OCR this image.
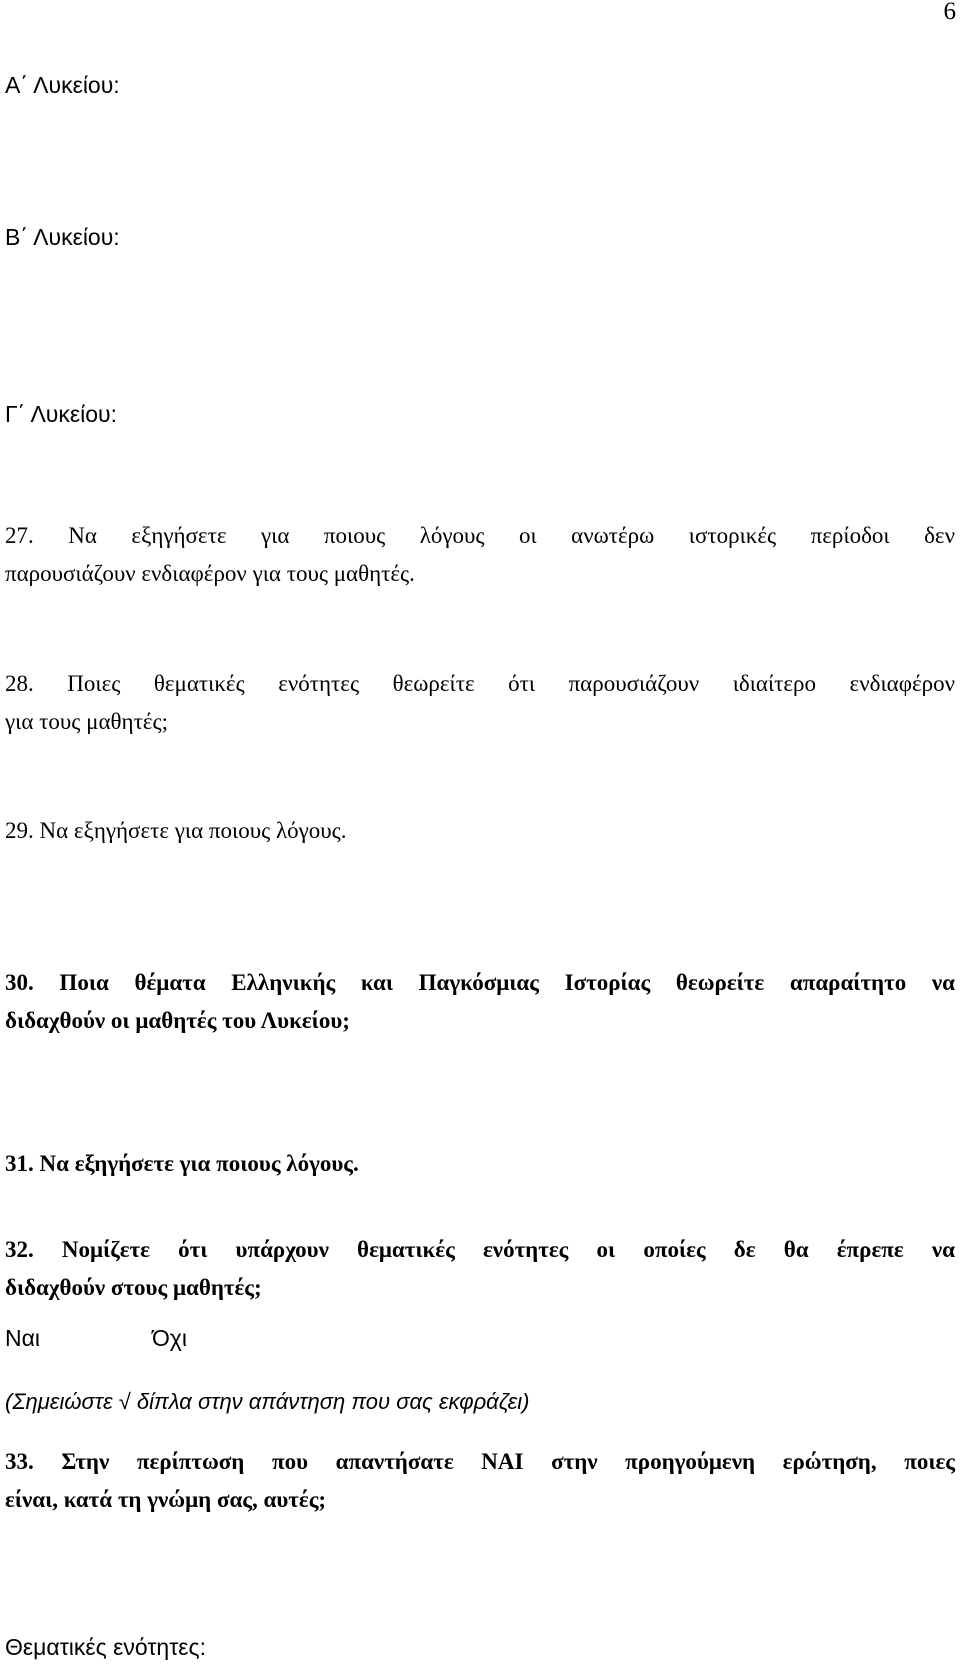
6
Α΄ Λυκείου:
Β΄ Λυκείου:
Γ΄ Λυκείου:
27. Να εξηγήσετε για ποιους λόγους οι ανωτέρω ιστορικές περίοδοι δεν
παρουσιάζουν ενδιαφέρον για τους μαθητές.
28. Ποιες θεματικές ενότητες θεωρείτε ότι παρουσιάζουν ιδιαίτερο ενδιαφέρον
για τους μαθητές;
29. Να εξηγήσετε για ποιους λόγους.
30. Ποια θέματα Ελληνικής και Παγκόσμιας Ιστορίας θεωρείτε απαραίτητο να
διδαχθούν οι μαθητές του Λυκείου;
31. Να εξηγήσετε για ποιους λόγους.
32. Νομίζετε ότι υπάρχουν θεματικές ενότητες οι οποίες δε θα έπρεπε να
διδαχθούν στους μαθητές;
Ναι	Όχι
(Σημειώστε √ δίπλα στην απάντηση που σας εκφράζει)
33. Στην περίπτωση που απαντήσατε ΝΑΙ στην προηγούμενη ερώτηση, ποιες
είναι, κατά τη γνώμη σας, αυτές;
Θεματικές ενότητες:
